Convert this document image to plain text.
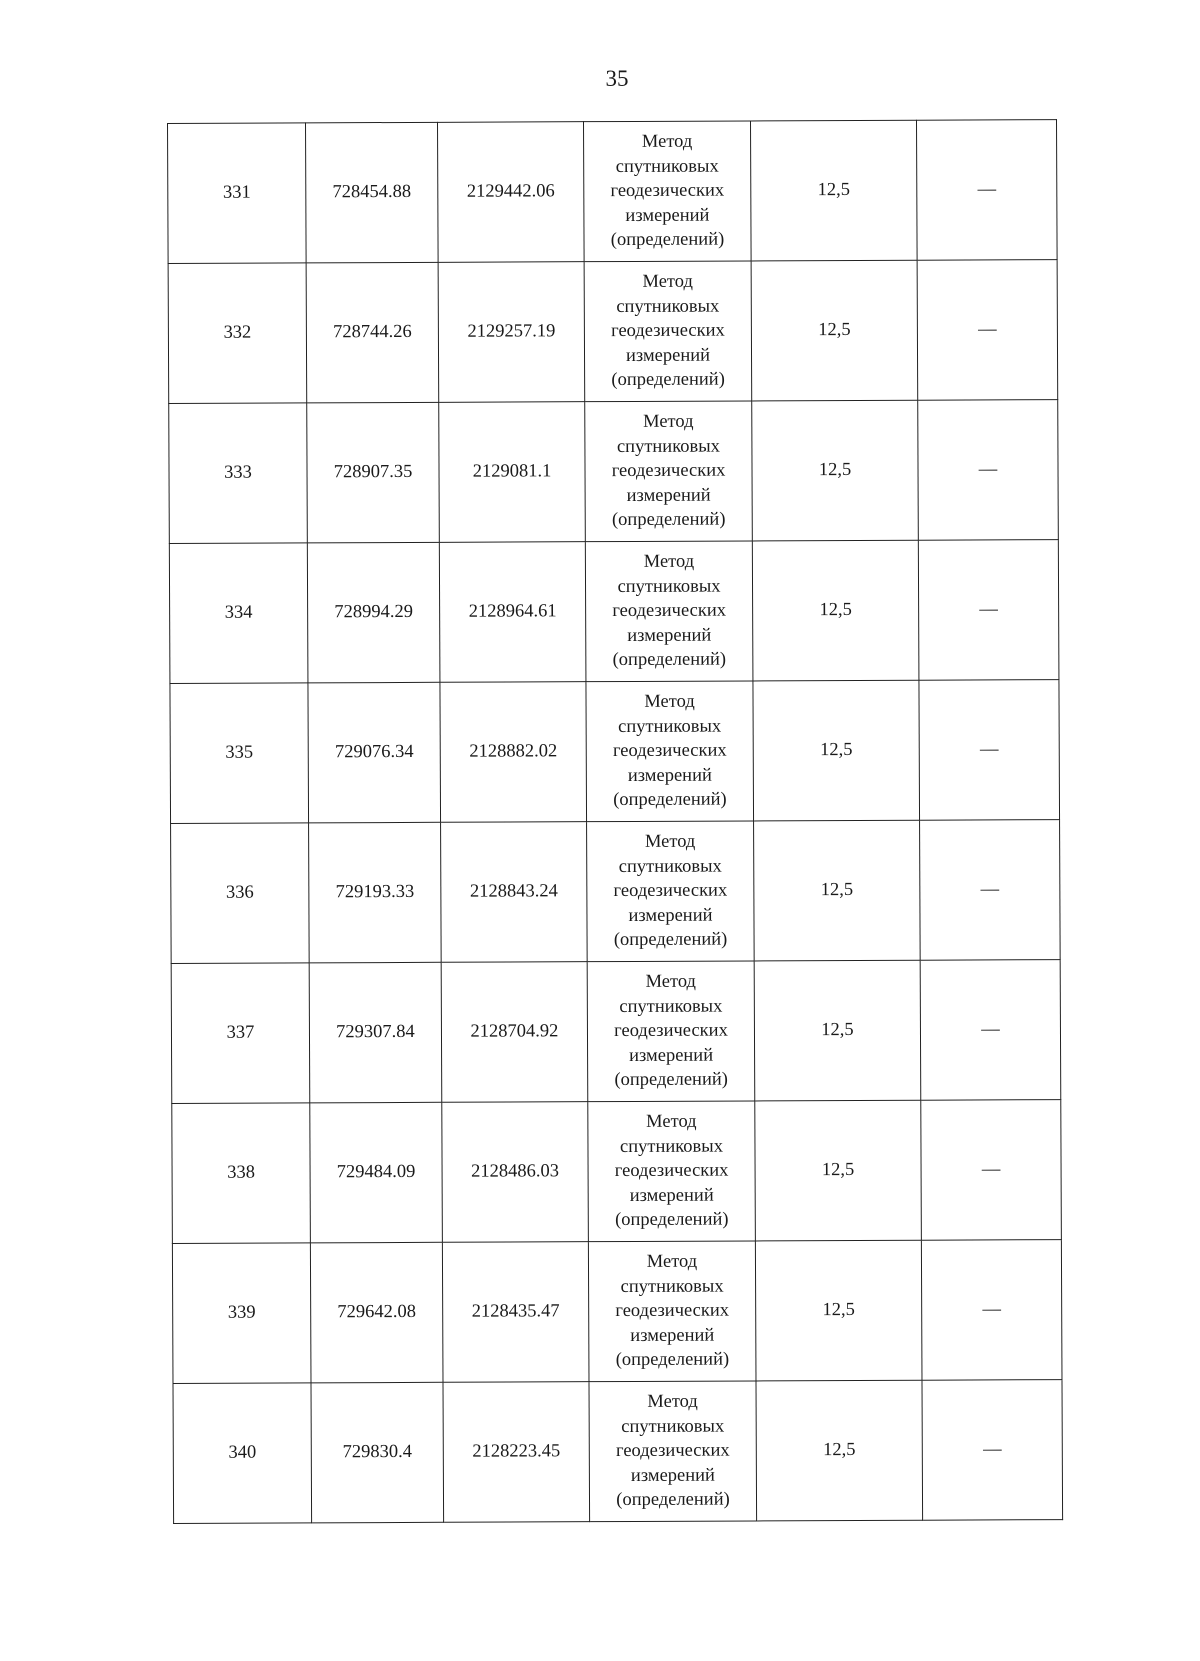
35
331	728454.88	2129442.06	Метод
спутниковых
геодезических
измерений
(определений)	12,5	—
332	728744.26	2129257.19	Метод
спутниковых
геодезических
измерений
(определений)	12,5	—
333	728907.35	2129081.1	Метод
спутниковых
геодезических
измерений
(определений)	12,5	—
334	728994.29	2128964.61	Метод
спутниковых
геодезических
измерений
(определений)	12,5	—
335	729076.34	2128882.02	Метод
спутниковых
геодезических
измерений
(определений)	12,5	—
336	729193.33	2128843.24	Метод
спутниковых
геодезических
измерений
(определений)	12,5	—
337	729307.84	2128704.92	Метод
спутниковых
геодезических
измерений
(определений)	12,5	—
338	729484.09	2128486.03	Метод
спутниковых
геодезических
измерений
(определений)	12,5	—
339	729642.08	2128435.47	Метод
спутниковых
геодезических
измерений
(определений)	12,5	—
340	729830.4	2128223.45	Метод
спутниковых
геодезических
измерений
(определений)	12,5	—
